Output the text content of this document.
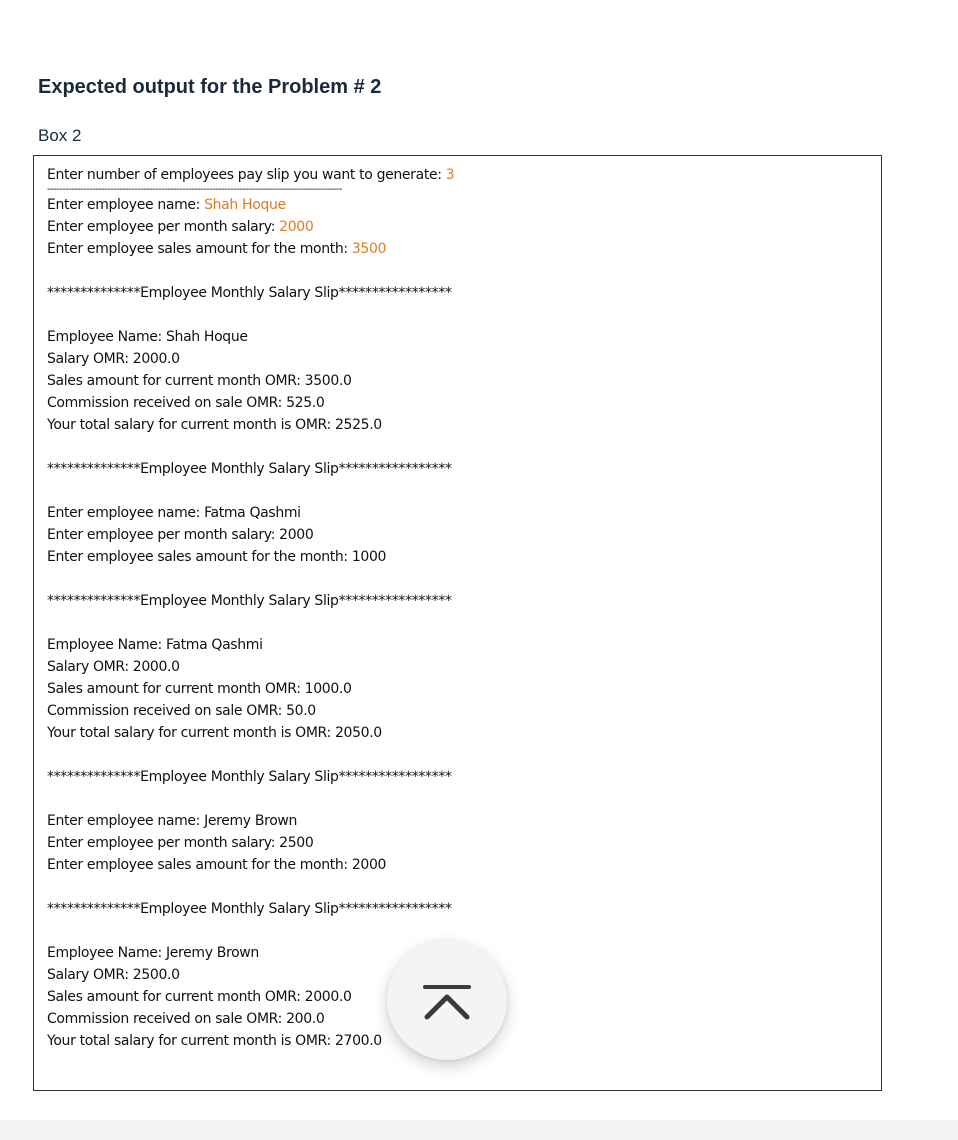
Expected output for the Problem # 2
Box 2
Enter number of employees pay slip you want to generate: 3
--------------------------------------------------------------------------------------------------
Enter employee name: Shah Hoque
Enter employee per month salary: 2000
Enter employee sales amount for the month: 3500
**************Employee Monthly Salary Slip*****************
Employee Name: Shah Hoque
Salary OMR: 2000.0
Sales amount for current month OMR: 3500.0
Commission received on sale OMR: 525.0
Your total salary for current month is OMR: 2525.0
**************Employee Monthly Salary Slip*****************
Enter employee name: Fatma Qashmi
Enter employee per month salary: 2000
Enter employee sales amount for the month: 1000
**************Employee Monthly Salary Slip*****************
Employee Name: Fatma Qashmi
Salary OMR: 2000.0
Sales amount for current month OMR: 1000.0
Commission received on sale OMR: 50.0
Your total salary for current month is OMR: 2050.0
**************Employee Monthly Salary Slip*****************
Enter employee name: Jeremy Brown
Enter employee per month salary: 2500
Enter employee sales amount for the month: 2000
**************Employee Monthly Salary Slip*****************
Employee Name: Jeremy Brown
Salary OMR: 2500.0
Sales amount for current month OMR: 2000.0
Commission received on sale OMR: 200.0
Your total salary for current month is OMR: 2700.0
